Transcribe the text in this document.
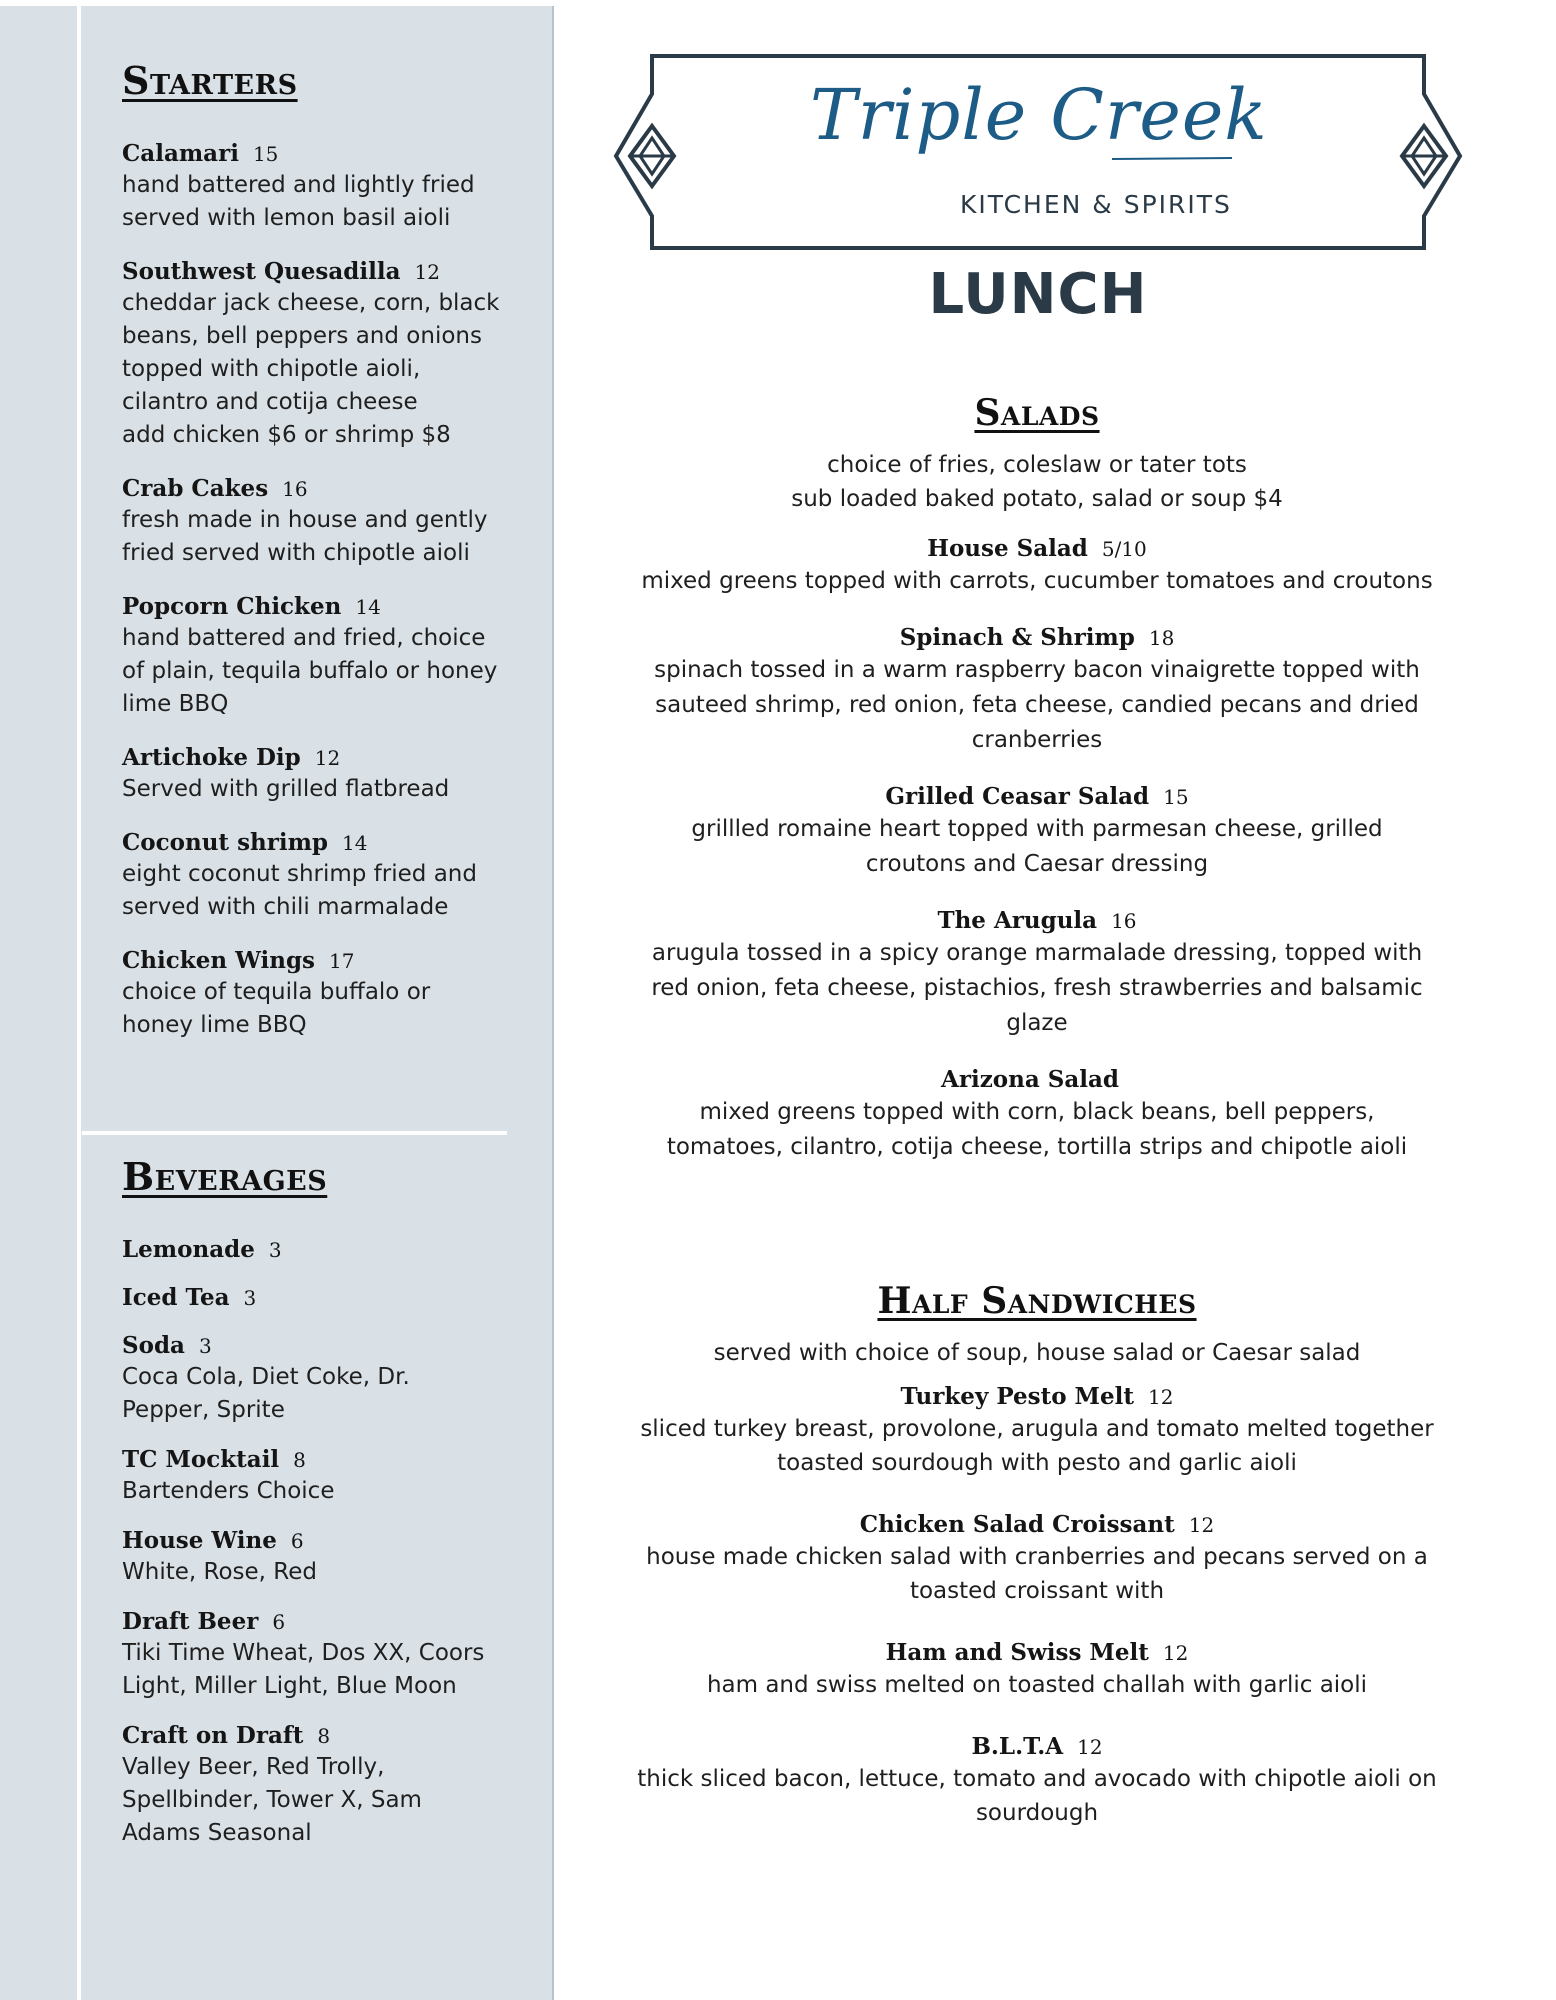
Starters
Calamari 15
hand battered and lightly fried
served with lemon basil aioli
Southwest Quesadilla 12
cheddar jack cheese, corn, black
beans, bell peppers and onions
topped with chipotle aioli,
cilantro and cotija cheese
add chicken $6 or shrimp $8
Crab Cakes 16
fresh made in house and gently
fried served with chipotle aioli
Popcorn Chicken 14
hand battered and fried, choice
of plain, tequila buffalo or honey
lime BBQ
Artichoke Dip 12
Served with grilled flatbread
Coconut shrimp 14
eight coconut shrimp fried and
served with chili marmalade
Chicken Wings 17
choice of tequila buffalo or
honey lime BBQ
Beverages
Lemonade 3
Iced Tea 3
Soda 3
Coca Cola, Diet Coke, Dr.
Pepper, Sprite
TC Mocktail 8
Bartenders Choice
House Wine 6
White, Rose, Red
Draft Beer 6
Tiki Time Wheat, Dos XX, Coors
Light, Miller Light, Blue Moon
Craft on Draft 8
Valley Beer, Red Trolly,
Spellbinder, Tower X, Sam
Adams Seasonal
Triple Creek
KITCHEN & SPIRITS
LUNCH
Salads
choice of fries, coleslaw or tater tots
sub loaded baked potato, salad or soup $4
House Salad 5/10
mixed greens topped with carrots, cucumber tomatoes and croutons
Spinach & Shrimp 18
spinach tossed in a warm raspberry bacon vinaigrette topped with
sauteed shrimp, red onion, feta cheese, candied pecans and dried
cranberries
Grilled Ceasar Salad 15
grillled romaine heart topped with parmesan cheese, grilled
croutons and Caesar dressing
The Arugula 16
arugula tossed in a spicy orange marmalade dressing, topped with
red onion, feta cheese, pistachios, fresh strawberries and balsamic
glaze
Arizona Salad
mixed greens topped with corn, black beans, bell peppers,
tomatoes, cilantro, cotija cheese, tortilla strips and chipotle aioli
Half Sandwiches
served with choice of soup, house salad or Caesar salad
Turkey Pesto Melt 12
sliced turkey breast, provolone, arugula and tomato melted together
toasted sourdough with pesto and garlic aioli
Chicken Salad Croissant 12
house made chicken salad with cranberries and pecans served on a
toasted croissant with
Ham and Swiss Melt 12
ham and swiss melted on toasted challah with garlic aioli
B.L.T.A 12
thick sliced bacon, lettuce, tomato and avocado with chipotle aioli on
sourdough
